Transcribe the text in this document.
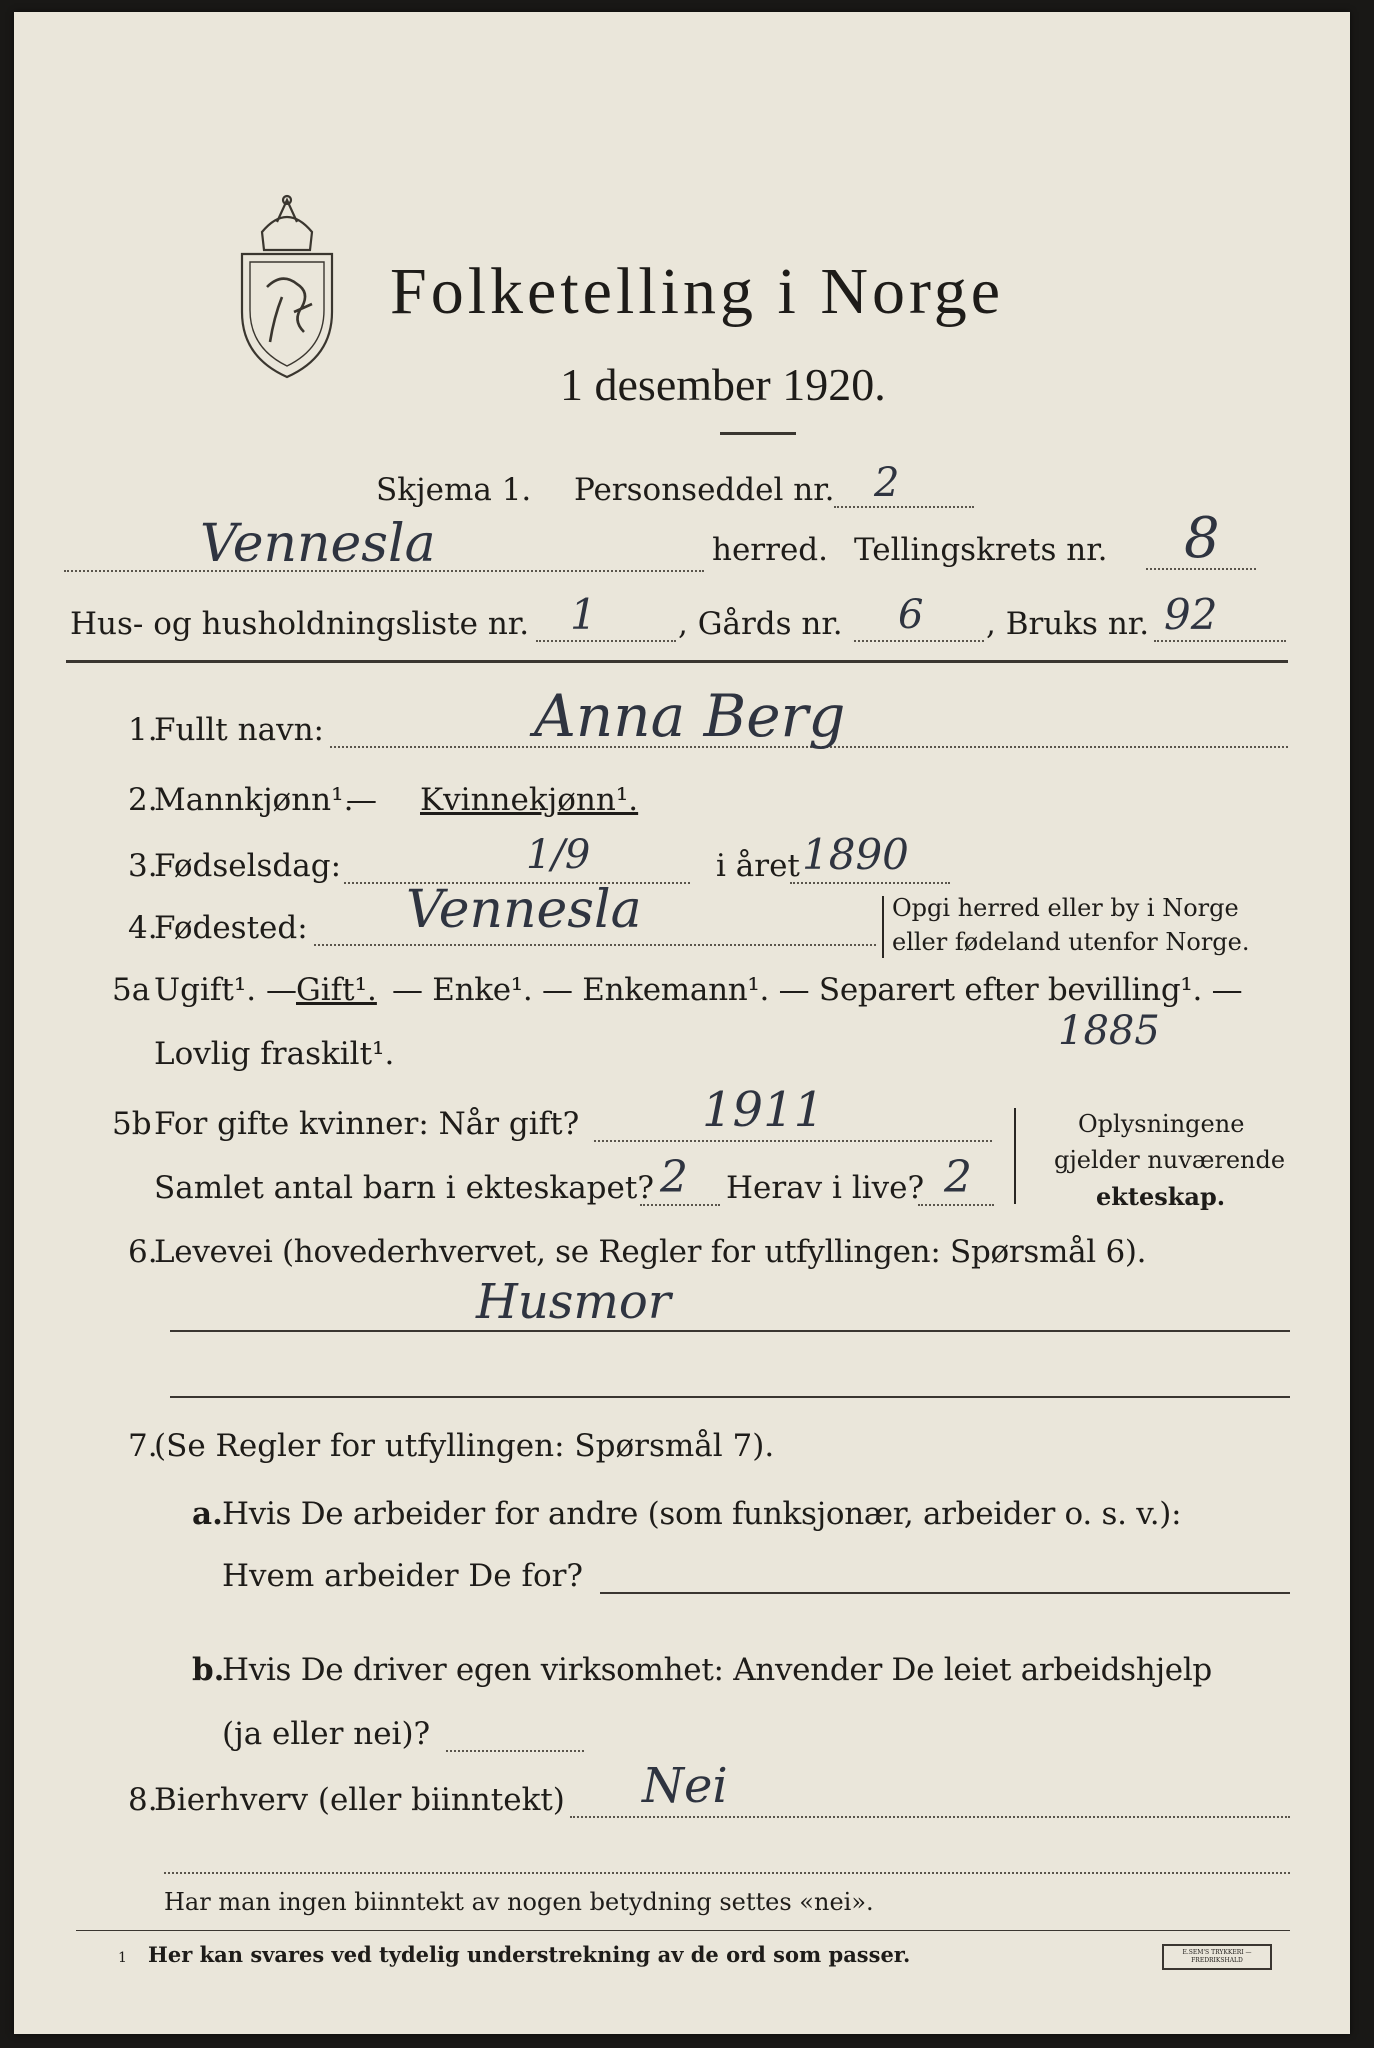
Folketelling i Norge
1 desember 1920.
Skjema 1. Personseddel nr. 2
Vennesla	herred. Tellingskrets nr. 8
Hus- og husholdningsliste nr. 1	, Gårds nr. 6 , Bruks nr. 92
1.
Fullt navn:	Anna Berg
2.
Mannkjønn¹.
— Kvinnekjønn¹.
3.
Fødselsdag:	1/9	i året 1890
4.
Fødested: Vennesla	Opgi herred eller by i Norge
eller fødeland utenfor Norge.
5a Ugift¹. — Gift¹. — Enke¹. — Enkemann¹. — Separert efter bevilling¹. —
Lovlig fraskilt¹.	1885
5b For gifte kvinner: Når gift?	1911
Samlet antal barn i ekteskapet? 2 Herav i live? 2
Oplysningene
gjelder nuværende
ekteskap.
6.
Levevei (hovederhvervet, se Regler for utfyllingen: Spørsmål 6).
Husmor
7.
(Se Regler for utfyllingen: Spørsmål 7).
a. Hvis De arbeider for andre (som funksjonær, arbeider o. s. v.):
Hvem arbeider De for?
b.
Hvis De driver egen virksomhet: Anvender De leiet arbeidshjelp
(ja eller nei)?
8.
Bierhverv (eller biinntekt) Nei
Har man ingen biinntekt av nogen betydning settes «nei».
1 Her kan svares ved tydelig understrekning av de ord som passer.	E.SEM'S TRYKKERI — FREDRIKSHALD
